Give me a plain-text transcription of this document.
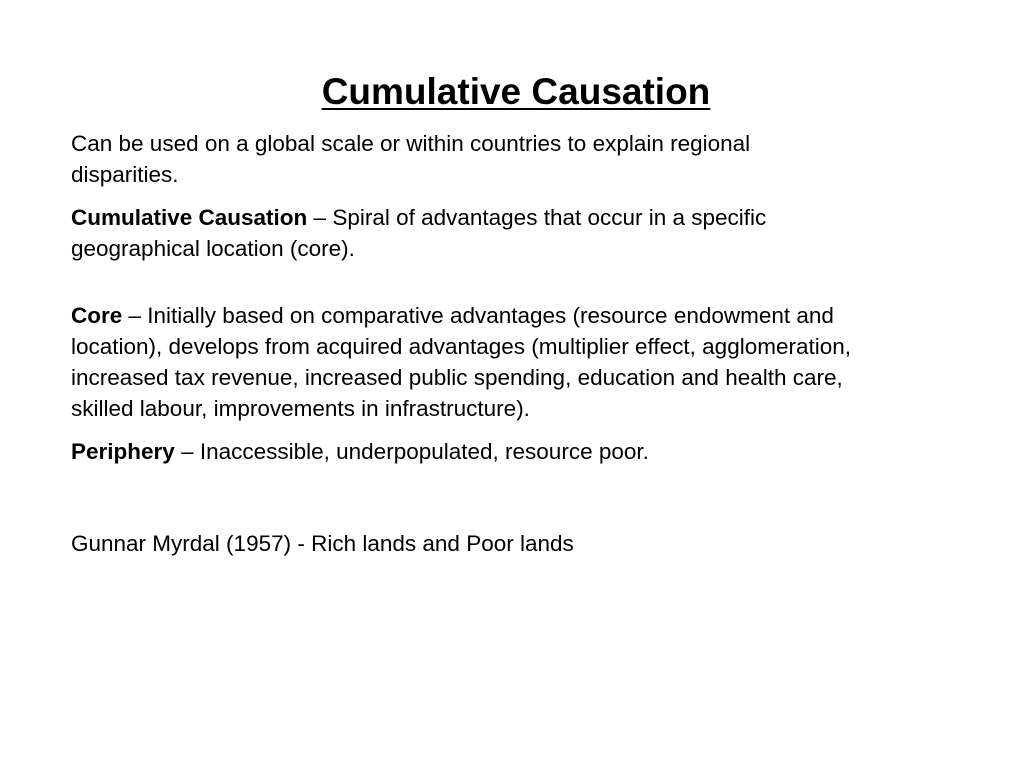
Cumulative Causation

Can be used on a global scale or within countries to explain regional
disparities.

Cumulative Causation – Spiral of advantages that occur in a specific
geographical location (core).

Core – Initially based on comparative advantages (resource endowment and
location), develops from acquired advantages (multiplier effect, agglomeration,
increased tax revenue, increased public spending, education and health care,
skilled labour, improvements in infrastructure).

Periphery – Inaccessible, underpopulated, resource poor.

Gunnar Myrdal (1957) - Rich lands and Poor lands
